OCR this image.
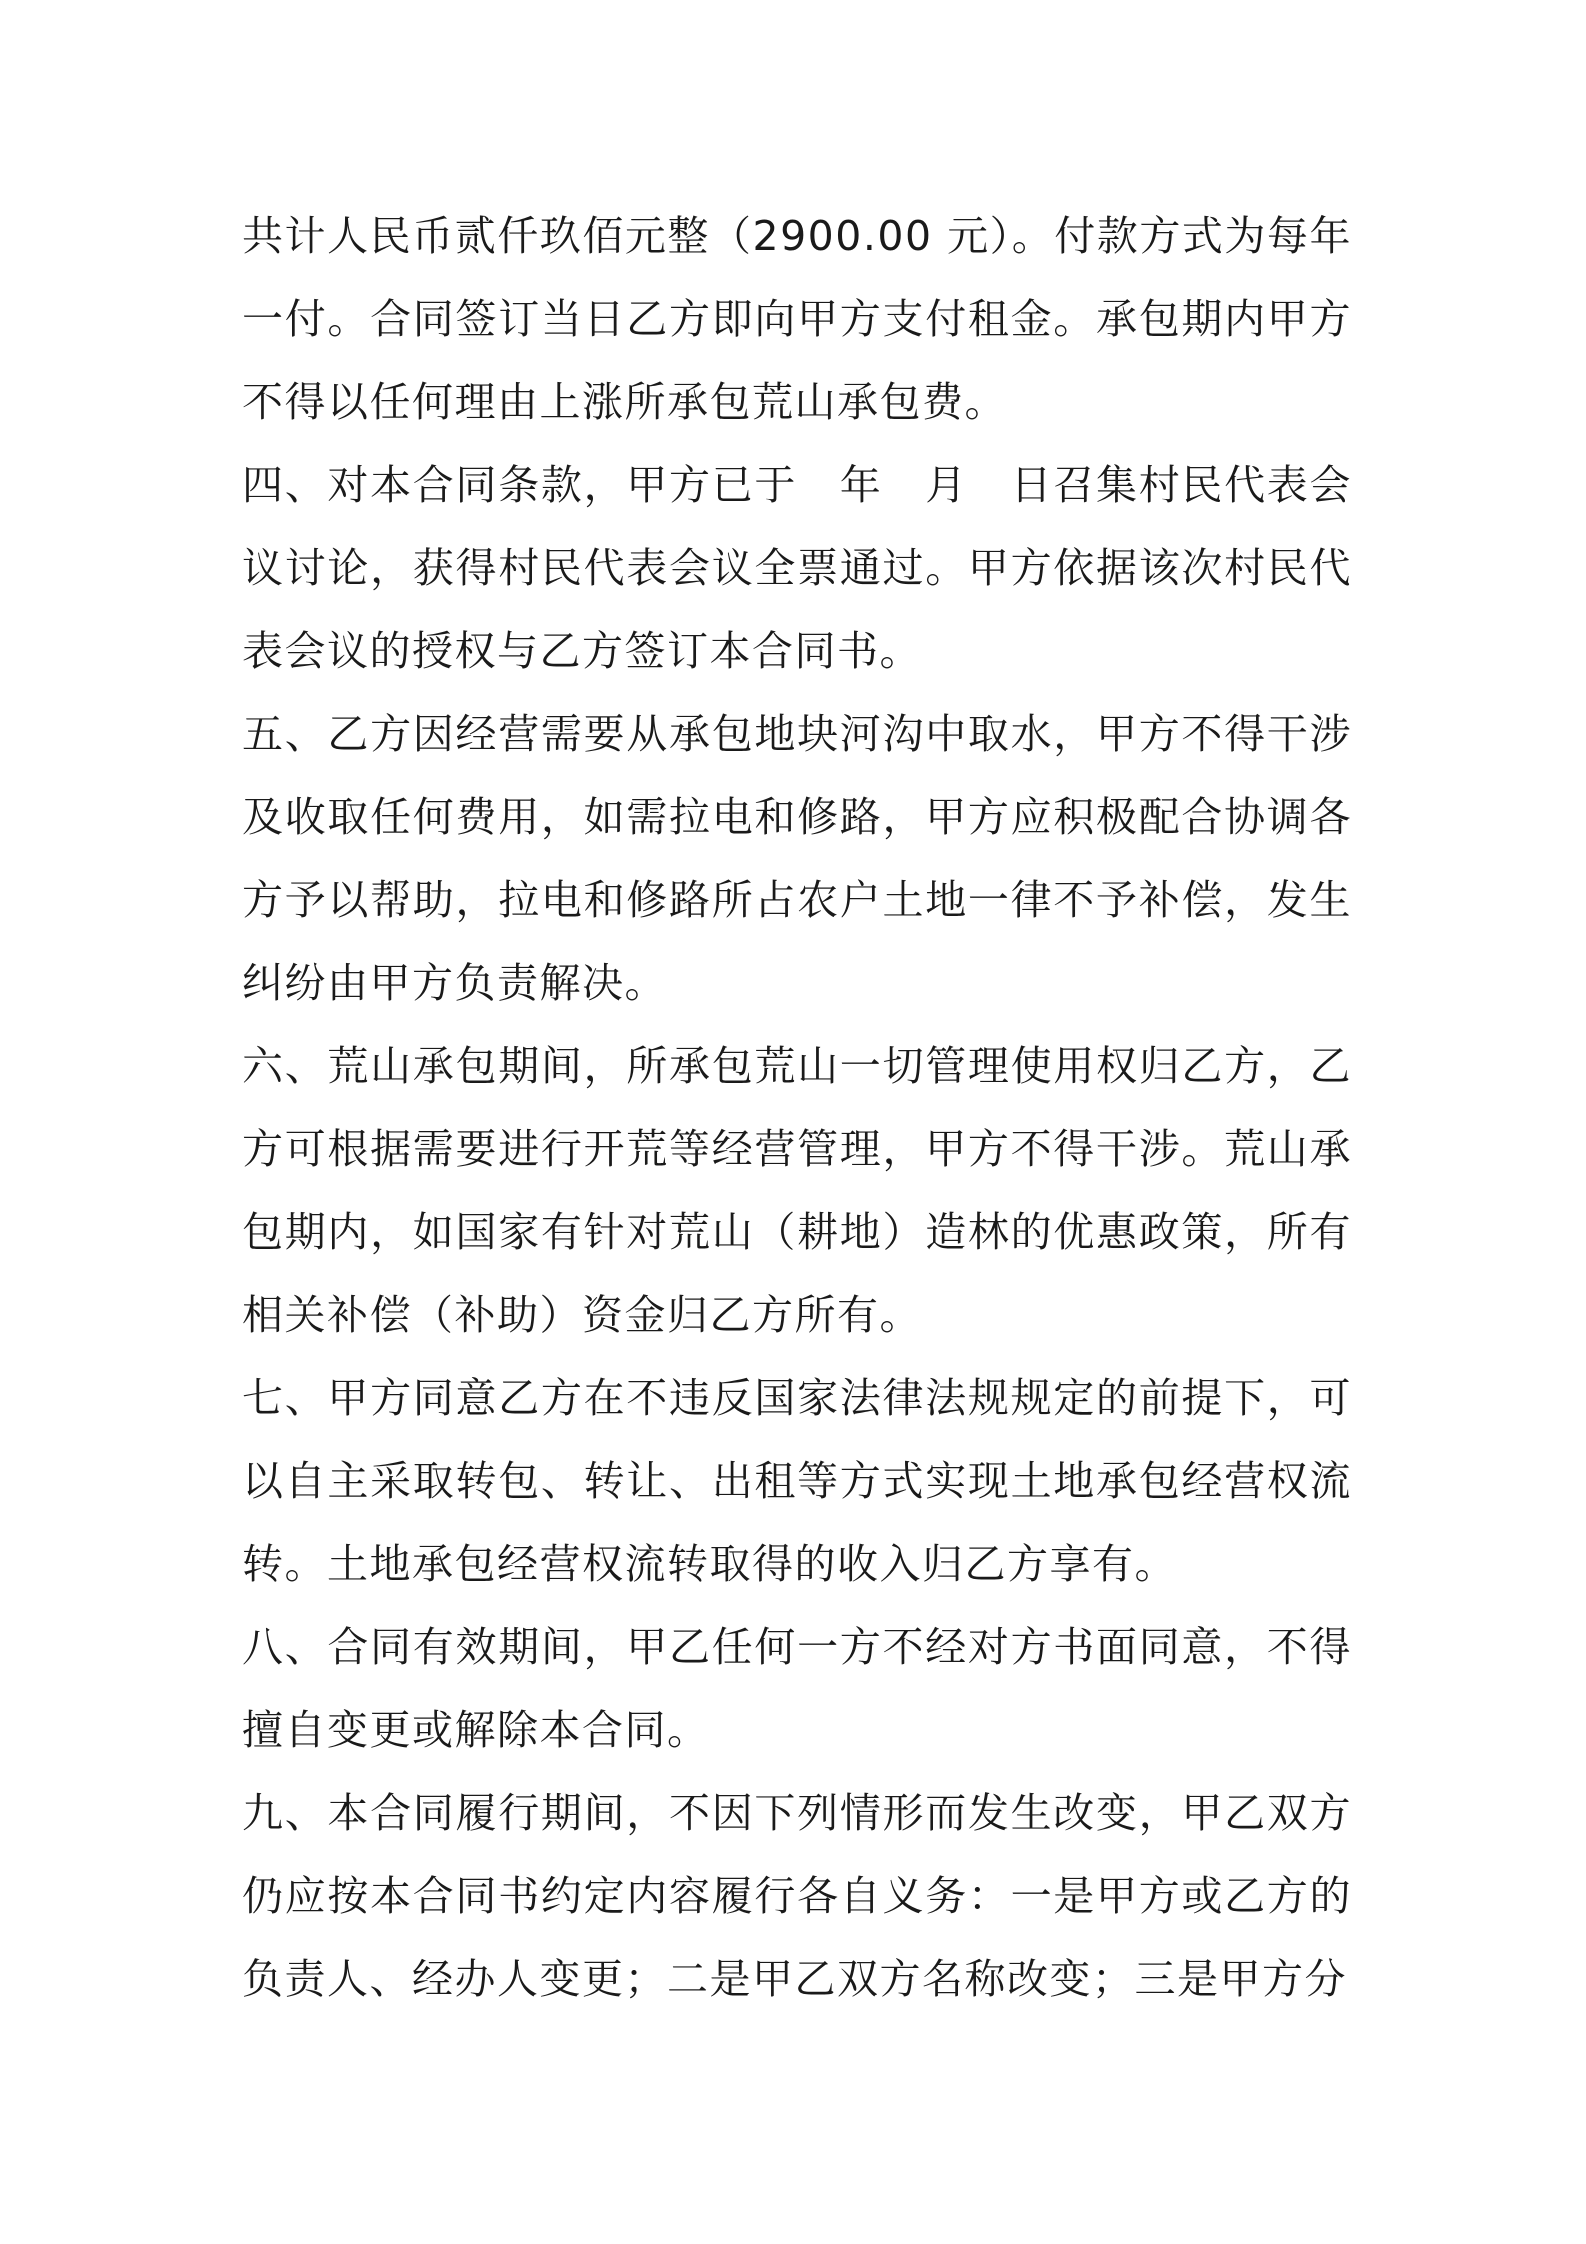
共计人民币贰仟玖佰元整（2900.00 元）。付款方式为每年一付。合同签订当日乙方即向甲方支付租金。承包期内甲方不得以任何理由上涨所承包荒山承包费。

四、对本合同条款，甲方已于　年　月　日召集村民代表会议讨论，获得村民代表会议全票通过。甲方依据该次村民代表会议的授权与乙方签订本合同书。

五、乙方因经营需要从承包地块河沟中取水，甲方不得干涉及收取任何费用，如需拉电和修路，甲方应积极配合协调各方予以帮助，拉电和修路所占农户土地一律不予补偿，发生纠纷由甲方负责解决。

六、荒山承包期间，所承包荒山一切管理使用权归乙方，乙方可根据需要进行开荒等经营管理，甲方不得干涉。荒山承包期内，如国家有针对荒山（耕地）造林的优惠政策，所有相关补偿（补助）资金归乙方所有。

七、甲方同意乙方在不违反国家法律法规规定的前提下，可以自主采取转包、转让、出租等方式实现土地承包经营权流转。土地承包经营权流转取得的收入归乙方享有。

八、合同有效期间，甲乙任何一方不经对方书面同意，不得擅自变更或解除本合同。

九、本合同履行期间，不因下列情形而发生改变，甲乙双方仍应按本合同书约定内容履行各自义务：一是甲方或乙方的负责人、经办人变更；二是甲乙双方名称改变；三是甲方分
